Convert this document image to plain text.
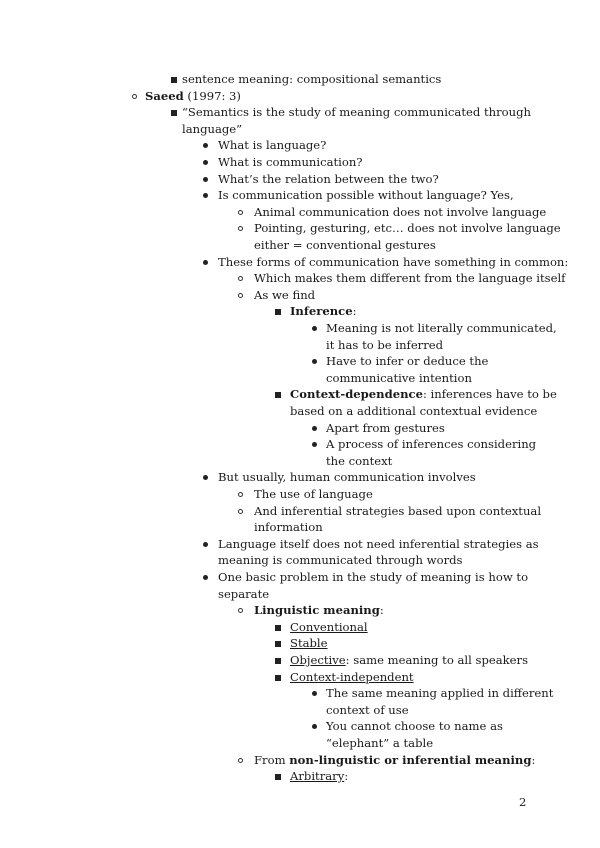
sentence meaning: compositional semantics
Saeed (1997: 3)
“Semantics is the study of meaning communicated through
language”
What is language?
What is communication?
What’s the relation between the two?
Is communication possible without language? Yes,
Animal communication does not involve language
Pointing, gesturing, etc… does not involve language
either = conventional gestures
These forms of communication have something in common:
Which makes them different from the language itself
As we find
Inference:
Meaning is not literally communicated,
it has to be inferred
Have to infer or deduce the
communicative intention
Context-dependence: inferences have to be
based on a additional contextual evidence
Apart from gestures
A process of inferences considering
the context
But usually, human communication involves
The use of language
And inferential strategies based upon contextual
information
Language itself does not need inferential strategies as
meaning is communicated through words
One basic problem in the study of meaning is how to
separate
Linguistic meaning:
Conventional
Stable
Objective: same meaning to all speakers
Context-independent
The same meaning applied in different
context of use
You cannot choose to name as
“elephant” a table
From non-linguistic or inferential meaning:
Arbitrary:
2
